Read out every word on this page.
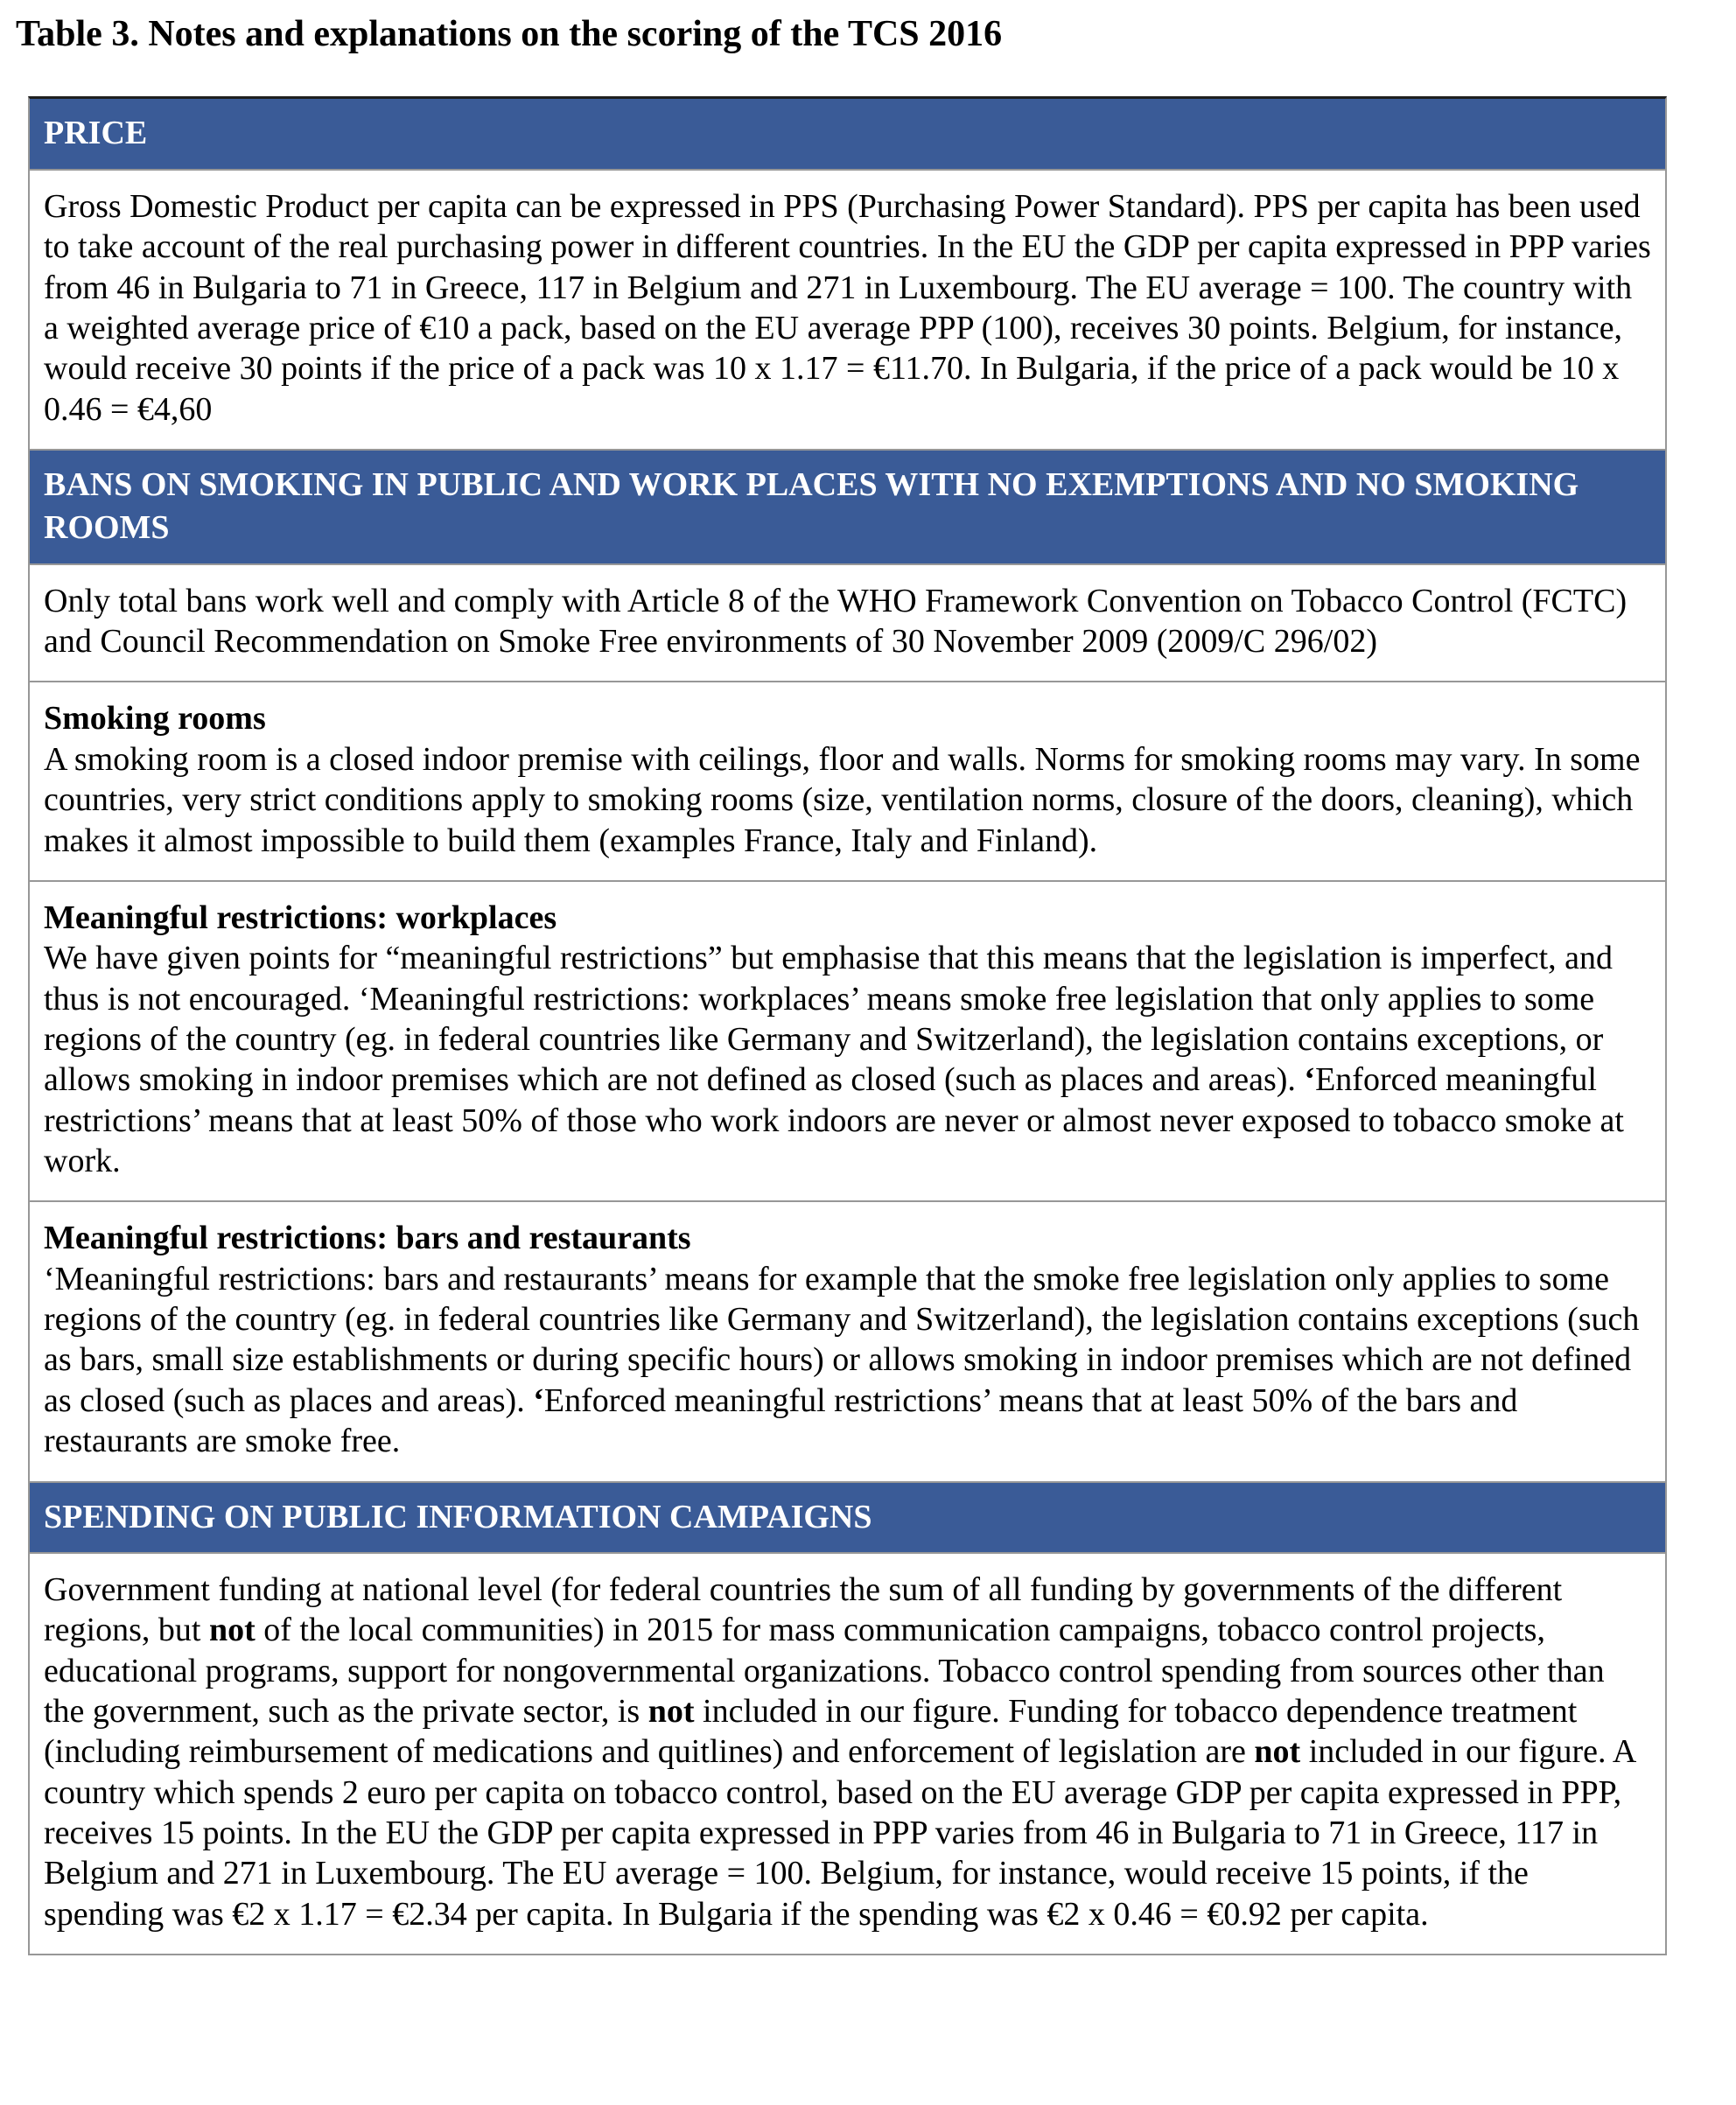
Table 3. Notes and explanations on the scoring of the TCS 2016
PRICE

Gross Domestic Product per capita can be expressed in PPS (Purchasing Power Standard). PPS per capita has been used to take account of the real purchasing power in different countries. In the EU the GDP per capita expressed in PPP varies from 46 in Bulgaria to 71 in Greece, 117 in Belgium and 271 in Luxembourg. The EU average = 100. The country with a weighted average price of €10 a pack, based on the EU average PPP (100), receives 30 points. Belgium, for instance, would receive 30 points if the price of a pack was 10 x 1.17 = €11.70. In Bulgaria, if the price of a pack would be 10 x 0.46 = €4,60

BANS ON SMOKING IN PUBLIC AND WORK PLACES WITH NO EXEMPTIONS AND NO SMOKING ROOMS

Only total bans work well and comply with Article 8 of the WHO Framework Convention on Tobacco Control (FCTC) and Council Recommendation on Smoke Free environments of 30 November 2009 (2009/C 296/02)

Smoking rooms

A smoking room is a closed indoor premise with ceilings, floor and walls. Norms for smoking rooms may vary. In some countries, very strict conditions apply to smoking rooms (size, ventilation norms, closure of the doors, cleaning), which makes it almost impossible to build them (examples France, Italy and Finland).

Meaningful restrictions: workplaces

We have given points for “meaningful restrictions” but emphasise that this means that the legislation is imperfect, and thus is not encouraged. ‘Meaningful restrictions: workplaces’ means smoke free legislation that only applies to some regions of the country (eg. in federal countries like Germany and Switzerland), the legislation contains exceptions, or allows smoking in indoor premises which are not defined as closed (such as places and areas). ‘Enforced meaningful restrictions’ means that at least 50% of those who work indoors are never or almost never exposed to tobacco smoke at work.

Meaningful restrictions: bars and restaurants

‘Meaningful restrictions: bars and restaurants’ means for example that the smoke free legislation only applies to some regions of the country (eg. in federal countries like Germany and Switzerland), the legislation contains exceptions (such as bars, small size establishments or during specific hours) or allows smoking in indoor premises which are not defined as closed (such as places and areas). ‘Enforced meaningful restrictions’ means that at least 50% of the bars and restaurants are smoke free.

SPENDING ON PUBLIC INFORMATION CAMPAIGNS

Government funding at national level (for federal countries the sum of all funding by governments of the different regions, but not of the local communities) in 2015 for mass communication campaigns, tobacco control projects, educational programs, support for nongovernmental organizations. Tobacco control spending from sources other than the government, such as the private sector, is not included in our figure. Funding for tobacco dependence treatment (including reimbursement of medications and quitlines) and enforcement of legislation are not included in our figure. A country which spends 2 euro per capita on tobacco control, based on the EU average GDP per capita expressed in PPP, receives 15 points. In the EU the GDP per capita expressed in PPP varies from 46 in Bulgaria to 71 in Greece, 117 in Belgium and 271 in Luxembourg. The EU average = 100. Belgium, for instance, would receive 15 points, if the spending was €2 x 1.17 = €2.34 per capita. In Bulgaria if the spending was €2 x 0.46 = €0.92 per capita.
